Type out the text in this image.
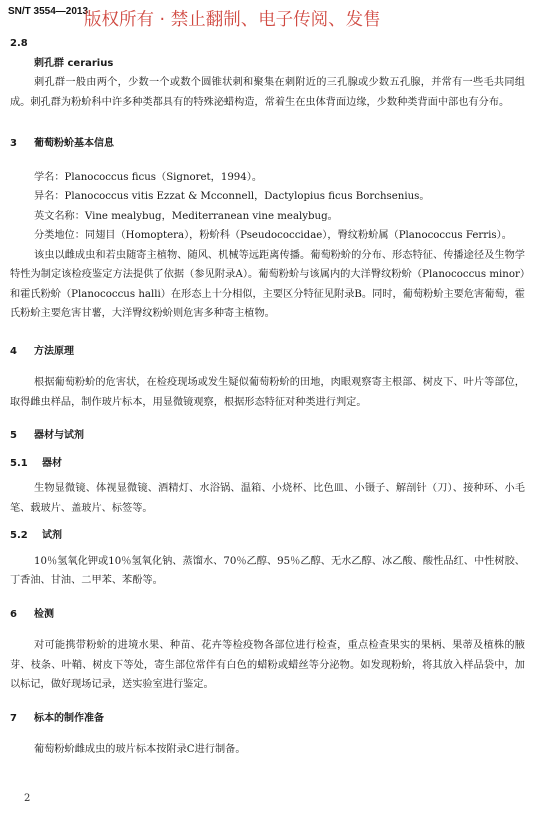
SN/T 3554—2013
版权所有 · 禁止翻制、电子传阅、发售

2.8

刺孔群 cerarius

刺孔群一般由两个，少数一个或数个圆锥状刺和聚集在刺附近的三孔腺或少数五孔腺，并常有一些毛共同组成。刺孔群为粉蚧科中许多种类都具有的特殊泌蜡构造，常着生在虫体背面边缘，少数种类背面中部也有分布。

3 葡萄粉蚧基本信息

学名：Planococcus ficus（Signoret，1994）。

异名：Planococcus vitis Ezzat & Mcconnell，Dactylopius ficus Borchsenius。

英文名称：Vine mealybug，Mediterranean vine mealybug。

分类地位：同翅目（Homoptera），粉蚧科（Pseudococcidae），臀纹粉蚧属（Planococcus Ferris）。

该虫以雌成虫和若虫随寄主植物、随风、机械等远距离传播。葡萄粉蚧的分布、形态特征、传播途径及生物学特性为制定该检疫鉴定方法提供了依据（参见附录A）。葡萄粉蚧与该属内的大洋臀纹粉蚧（Planococcus minor）和霍氏粉蚧（Planococcus halli）在形态上十分相似，主要区分特征见附录B。同时，葡萄粉蚧主要危害葡萄，霍氏粉蚧主要危害甘薯，大洋臀纹粉蚧则危害多种寄主植物。

4 方法原理

根据葡萄粉蚧的危害状，在检疫现场或发生疑似葡萄粉蚧的田地，肉眼观察寄主根部、树皮下、叶片等部位，取得雌虫样品，制作玻片标本，用显微镜观察，根据形态特征对种类进行判定。

5 器材与试剂

5.1 器材

生物显微镜、体视显微镜、酒精灯、水浴锅、温箱、小烧杯、比色皿、小镊子、解剖针（刀）、接种环、小毛笔、载玻片、盖玻片、标签等。

5.2 试剂

10％氢氧化钾或10％氢氧化钠、蒸馏水、70％乙醇、95％乙醇、无水乙醇、冰乙酸、酸性品红、中性树胶、丁香油、甘油、二甲苯、苯酚等。

6 检测

对可能携带粉蚧的进境水果、种苗、花卉等检疫物各部位进行检查，重点检查果实的果柄、果蒂及植株的腋芽、枝条、叶鞘、树皮下等处，寄生部位常伴有白色的蜡粉或蜡丝等分泌物。如发现粉蚧，将其放入样品袋中，加以标记，做好现场记录，送实验室进行鉴定。

7 标本的制作准备

葡萄粉蚧雌成虫的玻片标本按附录C进行制备。

2
